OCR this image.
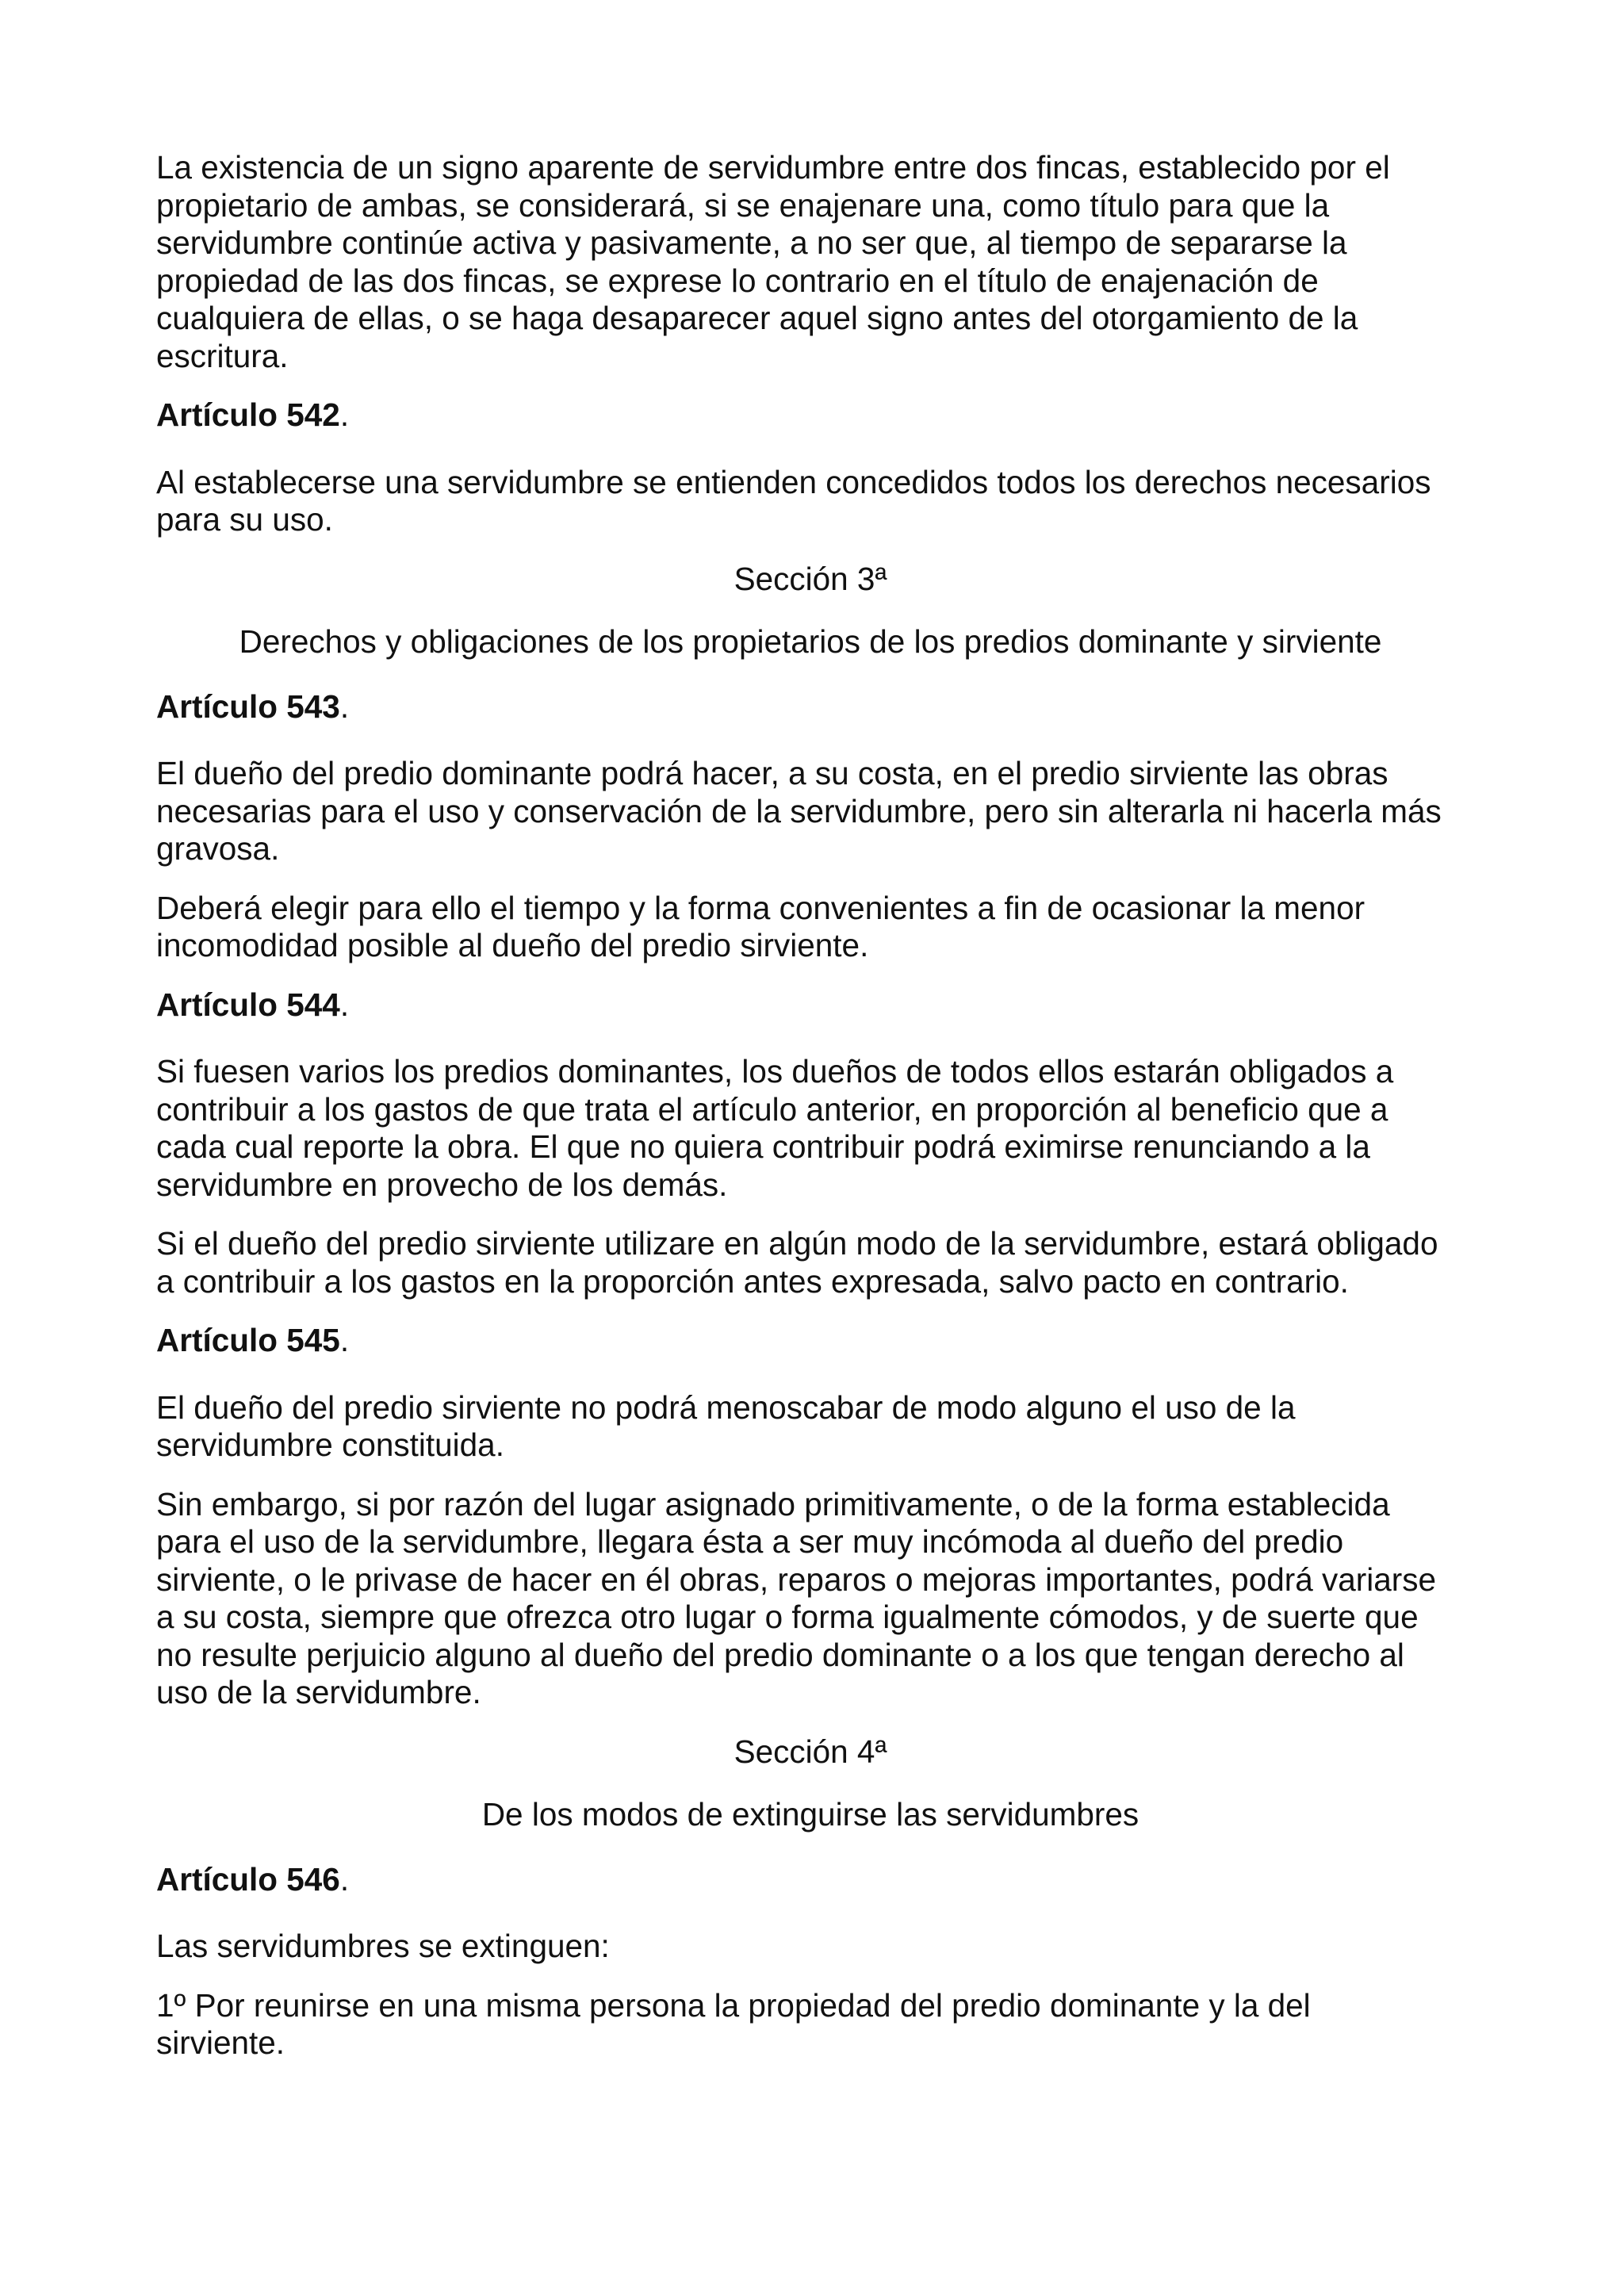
La existencia de un signo aparente de servidumbre entre dos fincas, establecido por el
propietario de ambas, se considerará, si se enajenare una, como título para que la
servidumbre continúe activa y pasivamente, a no ser que, al tiempo de separarse la
propiedad de las dos fincas, se exprese lo contrario en el título de enajenación de
cualquiera de ellas, o se haga desaparecer aquel signo antes del otorgamiento de la
escritura.

Artículo 542.

Al establecerse una servidumbre se entienden concedidos todos los derechos necesarios
para su uso.

Sección 3ª

Derechos y obligaciones de los propietarios de los predios dominante y sirviente

Artículo 543.

El dueño del predio dominante podrá hacer, a su costa, en el predio sirviente las obras
necesarias para el uso y conservación de la servidumbre, pero sin alterarla ni hacerla más
gravosa.

Deberá elegir para ello el tiempo y la forma convenientes a fin de ocasionar la menor
incomodidad posible al dueño del predio sirviente.

Artículo 544.

Si fuesen varios los predios dominantes, los dueños de todos ellos estarán obligados a
contribuir a los gastos de que trata el artículo anterior, en proporción al beneficio que a
cada cual reporte la obra. El que no quiera contribuir podrá eximirse renunciando a la
servidumbre en provecho de los demás.

Si el dueño del predio sirviente utilizare en algún modo de la servidumbre, estará obligado
a contribuir a los gastos en la proporción antes expresada, salvo pacto en contrario.

Artículo 545.

El dueño del predio sirviente no podrá menoscabar de modo alguno el uso de la
servidumbre constituida.

Sin embargo, si por razón del lugar asignado primitivamente, o de la forma establecida
para el uso de la servidumbre, llegara ésta a ser muy incómoda al dueño del predio
sirviente, o le privase de hacer en él obras, reparos o mejoras importantes, podrá variarse
a su costa, siempre que ofrezca otro lugar o forma igualmente cómodos, y de suerte que
no resulte perjuicio alguno al dueño del predio dominante o a los que tengan derecho al
uso de la servidumbre.

Sección 4ª

De los modos de extinguirse las servidumbres

Artículo 546.

Las servidumbres se extinguen:

1º Por reunirse en una misma persona la propiedad del predio dominante y la del
sirviente.
